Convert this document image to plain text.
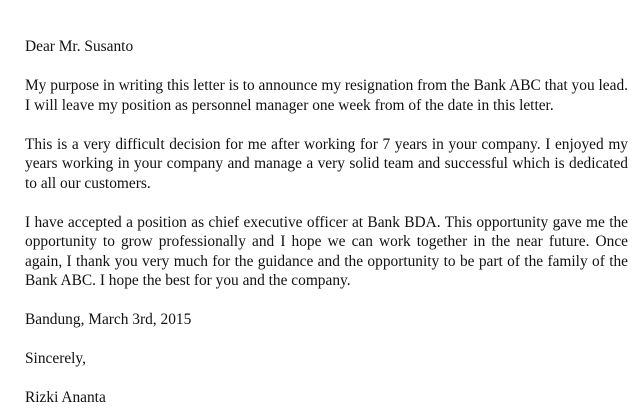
Dear Mr. Susanto

My purpose in writing this letter is to announce my resignation from the Bank ABC that you lead. I will leave my position as personnel manager one week from of the date in this letter.

This is a very difficult decision for me after working for 7 years in your company. I enjoyed my years working in your company and manage a very solid team and successful which is dedicated to all our customers.

I have accepted a position as chief executive officer at Bank BDA. This opportunity gave me the opportunity to grow professionally and I hope we can work together in the near future. Once again, I thank you very much for the guidance and the opportunity to be part of the family of the Bank ABC. I hope the best for you and the company.

Bandung, March 3rd, 2015

Sincerely,

Rizki Ananta
